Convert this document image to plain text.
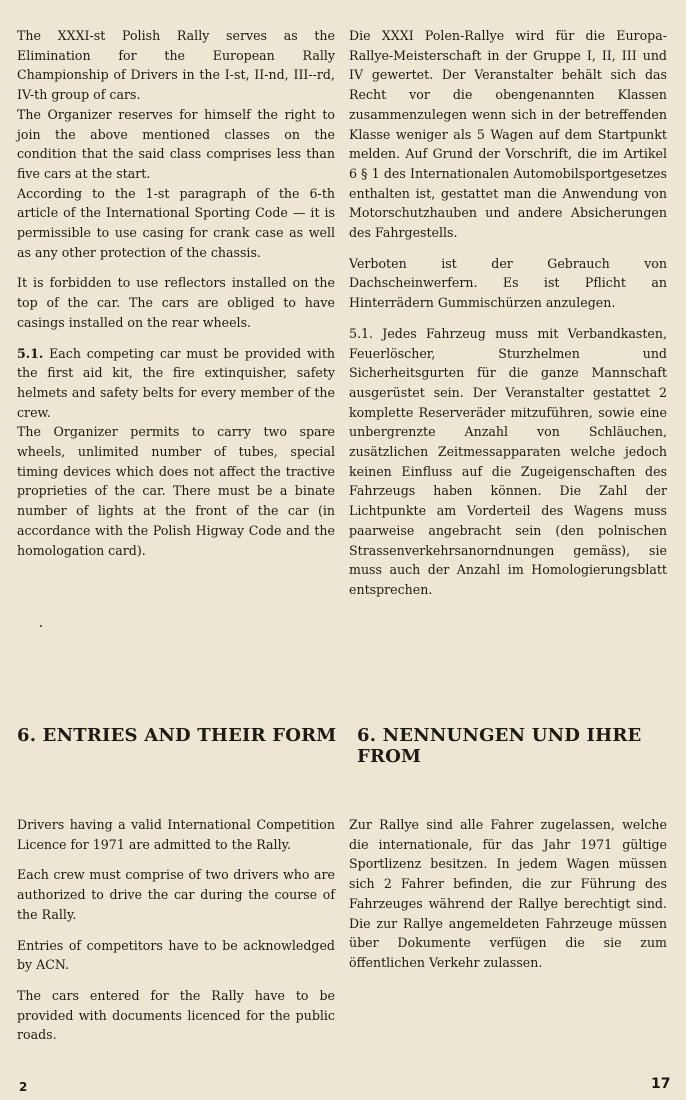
The XXXI-st Polish Rally serves as the Elimination for the European Rally Championship of Drivers in the I-st, II-nd, III--rd, IV-th group of cars.

The Organizer reserves for himself the right to join the above mentioned classes on the condition that the said class comprises less than five cars at the start.

According to the 1-st paragraph of the 6-th article of the International Sporting Code — it is permissible to use casing for crank case as well as any other protection of the chassis.

It is forbidden to use reflectors installed on the top of the car. The cars are obliged to have casings installed on the rear wheels.

5.1. Each competing car must be provided with the first aid kit, the fire extinquisher, safety helmets and safety belts for every member of the crew.

The Organizer permits to carry two spare wheels, unlimited number of tubes, special timing devices which does not affect the tractive proprieties of the car. There must be a binate number of lights at the front of the car (in accordance with the Polish Higway Code and the homologation card).

Die XXXI Polen-Rallye wird für die Europa-Rallye-Meisterschaft in der Gruppe I, II, III und IV gewertet. Der Veranstalter behält sich das Recht vor die obengenannten Klassen zusammenzulegen wenn sich in der betreffenden Klasse weniger als 5 Wagen auf dem Startpunkt melden. Auf Grund der Vorschrift, die im Artikel 6 § 1 des Internationalen Automobilsportgesetzes enthalten ist, gestattet man die Anwendung von Motorschutzhauben und andere Absicherungen des Fahrgestells.

Verboten ist der Gebrauch von Dachscheinwerfern. Es ist Pflicht an Hinterrädern Gummischürzen anzulegen.

5.1. Jedes Fahrzeug muss mit Verbandkasten, Feuerlöscher, Sturzhelmen und Sicherheitsgurten für die ganze Mannschaft ausgerüstet sein. Der Veranstalter gestattet 2 komplette Reserveräder mitzuführen, sowie eine unbergrenzte Anzahl von Schläuchen, zusätzlichen Zeitmessapparaten welche jedoch keinen Einfluss auf die Zugeigenschaften des Fahrzeugs haben können. Die Zahl der Lichtpunkte am Vorderteil des Wagens muss paarweise angebracht sein (den polnischen Strassenverkehrsanorndnungen gemäss), sie muss auch der Anzahl im Homologierungsblatt entsprechen.

6. ENTRIES AND THEIR FORM	6. NENNUNGEN UND IHRE FROM

Drivers having a valid International Competition Licence for 1971 are admitted to the Rally.

Each crew must comprise of two drivers who are authorized to drive the car during the course of the Rally.

Entries of competitors have to be acknowledged by ACN.

The cars entered for the Rally have to be provided with documents licenced for the public roads.

Zur Rallye sind alle Fahrer zugelassen, welche die internationale, für das Jahr 1971 gültige Sportlizenz besitzen. In jedem Wagen müssen sich 2 Fahrer befinden, die zur Führung des Fahrzeuges während der Rallye berechtigt sind. Die zur Rallye angemeldeten Fahrzeuge müssen über Dokumente verfügen die sie zum öffentlichen Verkehr zulassen.

2	17
